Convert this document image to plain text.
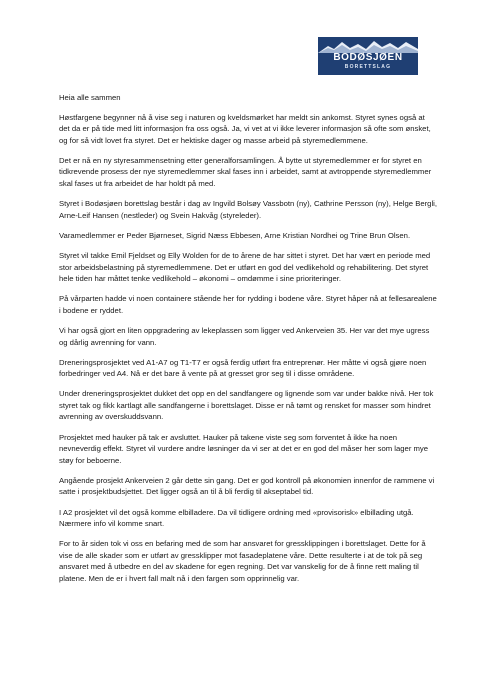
BODØSJØEN
BORETTSLAG

Heia alle sammen

Høstfargene begynner nå å vise seg i naturen og kveldsmørket har meldt sin ankomst. Styret synes også at det da er på tide med litt informasjon fra oss også. Ja, vi vet at vi ikke leverer informasjon så ofte som ønsket, og for så vidt lovet fra styret. Det er hektiske dager og masse arbeid på styremedlemmene.

Det er nå en ny styresammensetning etter generalforsamlingen. Å bytte ut styremedlemmer er for styret en tidkrevende prosess der nye styremedlemmer skal fases inn i arbeidet, samt at avtroppende styremedlemmer skal fases ut fra arbeidet de har holdt på med.

Styret i Bodøsjøen borettslag består i dag av Ingvild Bolsøy Vassbotn (ny), Cathrine Persson (ny), Helge Bergli, Arne-Leif Hansen (nestleder) og Svein Hakvåg (styreleder).

Varamedlemmer er Peder Bjørneset, Sigrid Næss Ebbesen, Arne Kristian Nordhei og Trine Brun Olsen.

Styret vil takke Emil Fjeldset og Elly Wolden for de to årene de har sittet i styret. Det har vært en periode med stor arbeidsbelastning på styremedlemmene. Det er utført en god del vedlikehold og rehabilitering. Det styret hele tiden har måttet tenke vedlikehold – økonomi – omdømme i sine prioriteringer.

På vårparten hadde vi noen containere stående her for rydding i bodene våre. Styret håper nå at fellesarealene i bodene er ryddet.

Vi har også gjort en liten oppgradering av lekeplassen som ligger ved Ankerveien 35. Her var det mye ugress og dårlig avrenning for vann.

Dreneringsprosjektet ved A1-A7 og T1-T7 er også ferdig utført fra entreprenør. Her måtte vi også gjøre noen forbedringer ved A4. Nå er det bare å vente på at gresset gror seg til i disse områdene.

Under dreneringsprosjektet dukket det opp en del sandfangere og lignende som var under bakke nivå. Her tok styret tak og fikk kartlagt alle sandfangerne i borettslaget. Disse er nå tømt og rensket for masser som hindret avrenning av overskuddsvann.

Prosjektet med hauker på tak er avsluttet. Hauker på takene viste seg som forventet å ikke ha noen nevneverdig effekt. Styret vil vurdere andre løsninger da vi ser at det er en god del måser her som lager mye støy for beboerne.

Angående prosjekt Ankerveien 2 går dette sin gang. Det er god kontroll på økonomien innenfor de rammene vi satte i prosjektbudsjettet. Det ligger også an til å bli ferdig til akseptabel tid.

I A2 prosjektet vil det også komme elbilladere. Da vil tidligere ordning med «provisorisk» elbillading utgå. Nærmere info vil komme snart.

For to år siden tok vi oss en befaring med de som har ansvaret for gressklippingen i borettslaget. Dette for å vise de alle skader som er utført av gressklipper mot fasadeplatene våre. Dette resulterte i at de tok på seg ansvaret med å utbedre en del av skadene for egen regning. Det var vanskelig for de å finne rett maling til platene. Men de er i hvert fall malt nå i den fargen som opprinnelig var.
